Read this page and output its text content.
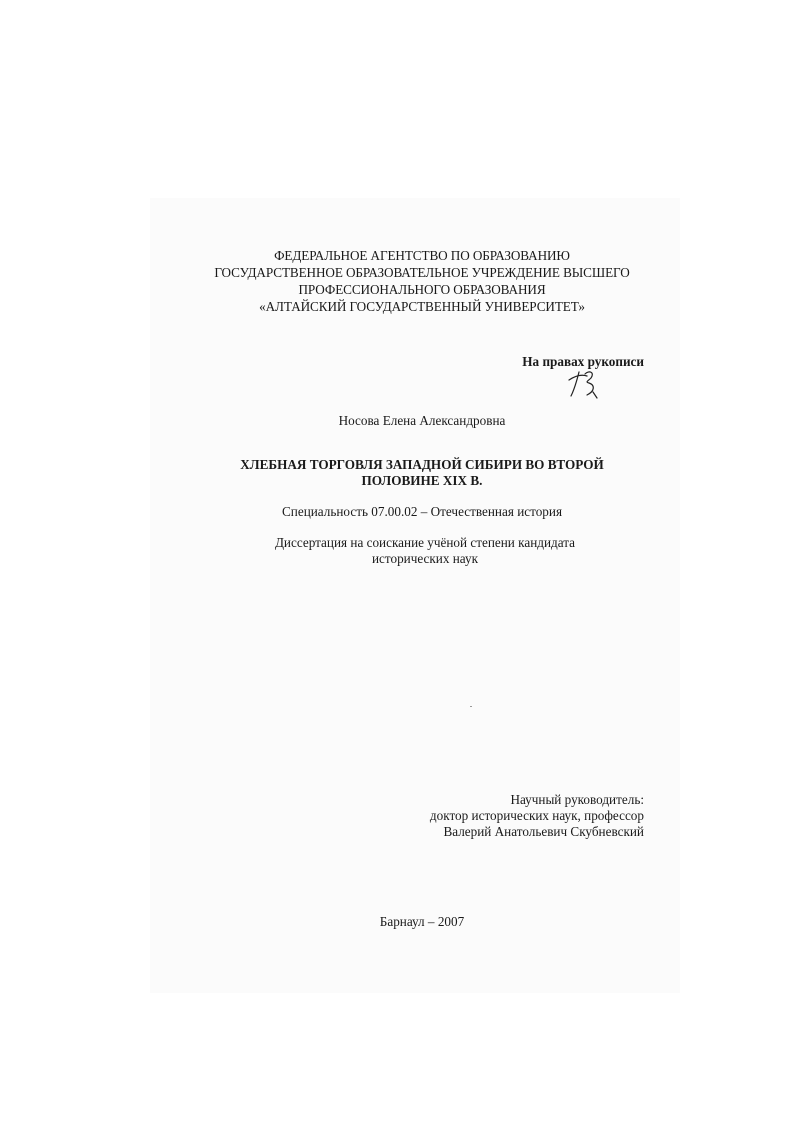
ФЕДЕРАЛЬНОЕ АГЕНТСТВО ПО ОБРАЗОВАНИЮ
ГОСУДАРСТВЕННОЕ ОБРАЗОВАТЕЛЬНОЕ УЧРЕЖДЕНИЕ ВЫСШЕГО
ПРОФЕССИОНАЛЬНОГО ОБРАЗОВАНИЯ
«АЛТАЙСКИЙ ГОСУДАРСТВЕННЫЙ УНИВЕРСИТЕТ»
На правах рукописи
Носова Елена Александровна
ХЛЕБНАЯ ТОРГОВЛЯ ЗАПАДНОЙ СИБИРИ ВО ВТОРОЙ
ПОЛОВИНЕ XIX В.
Специальность 07.00.02 – Отечественная история
Диссертация на соискание учёной степени кандидата
исторических наук
Научный руководитель:
доктор исторических наук, профессор
Валерий Анатольевич Скубневский
Барнаул – 2007
